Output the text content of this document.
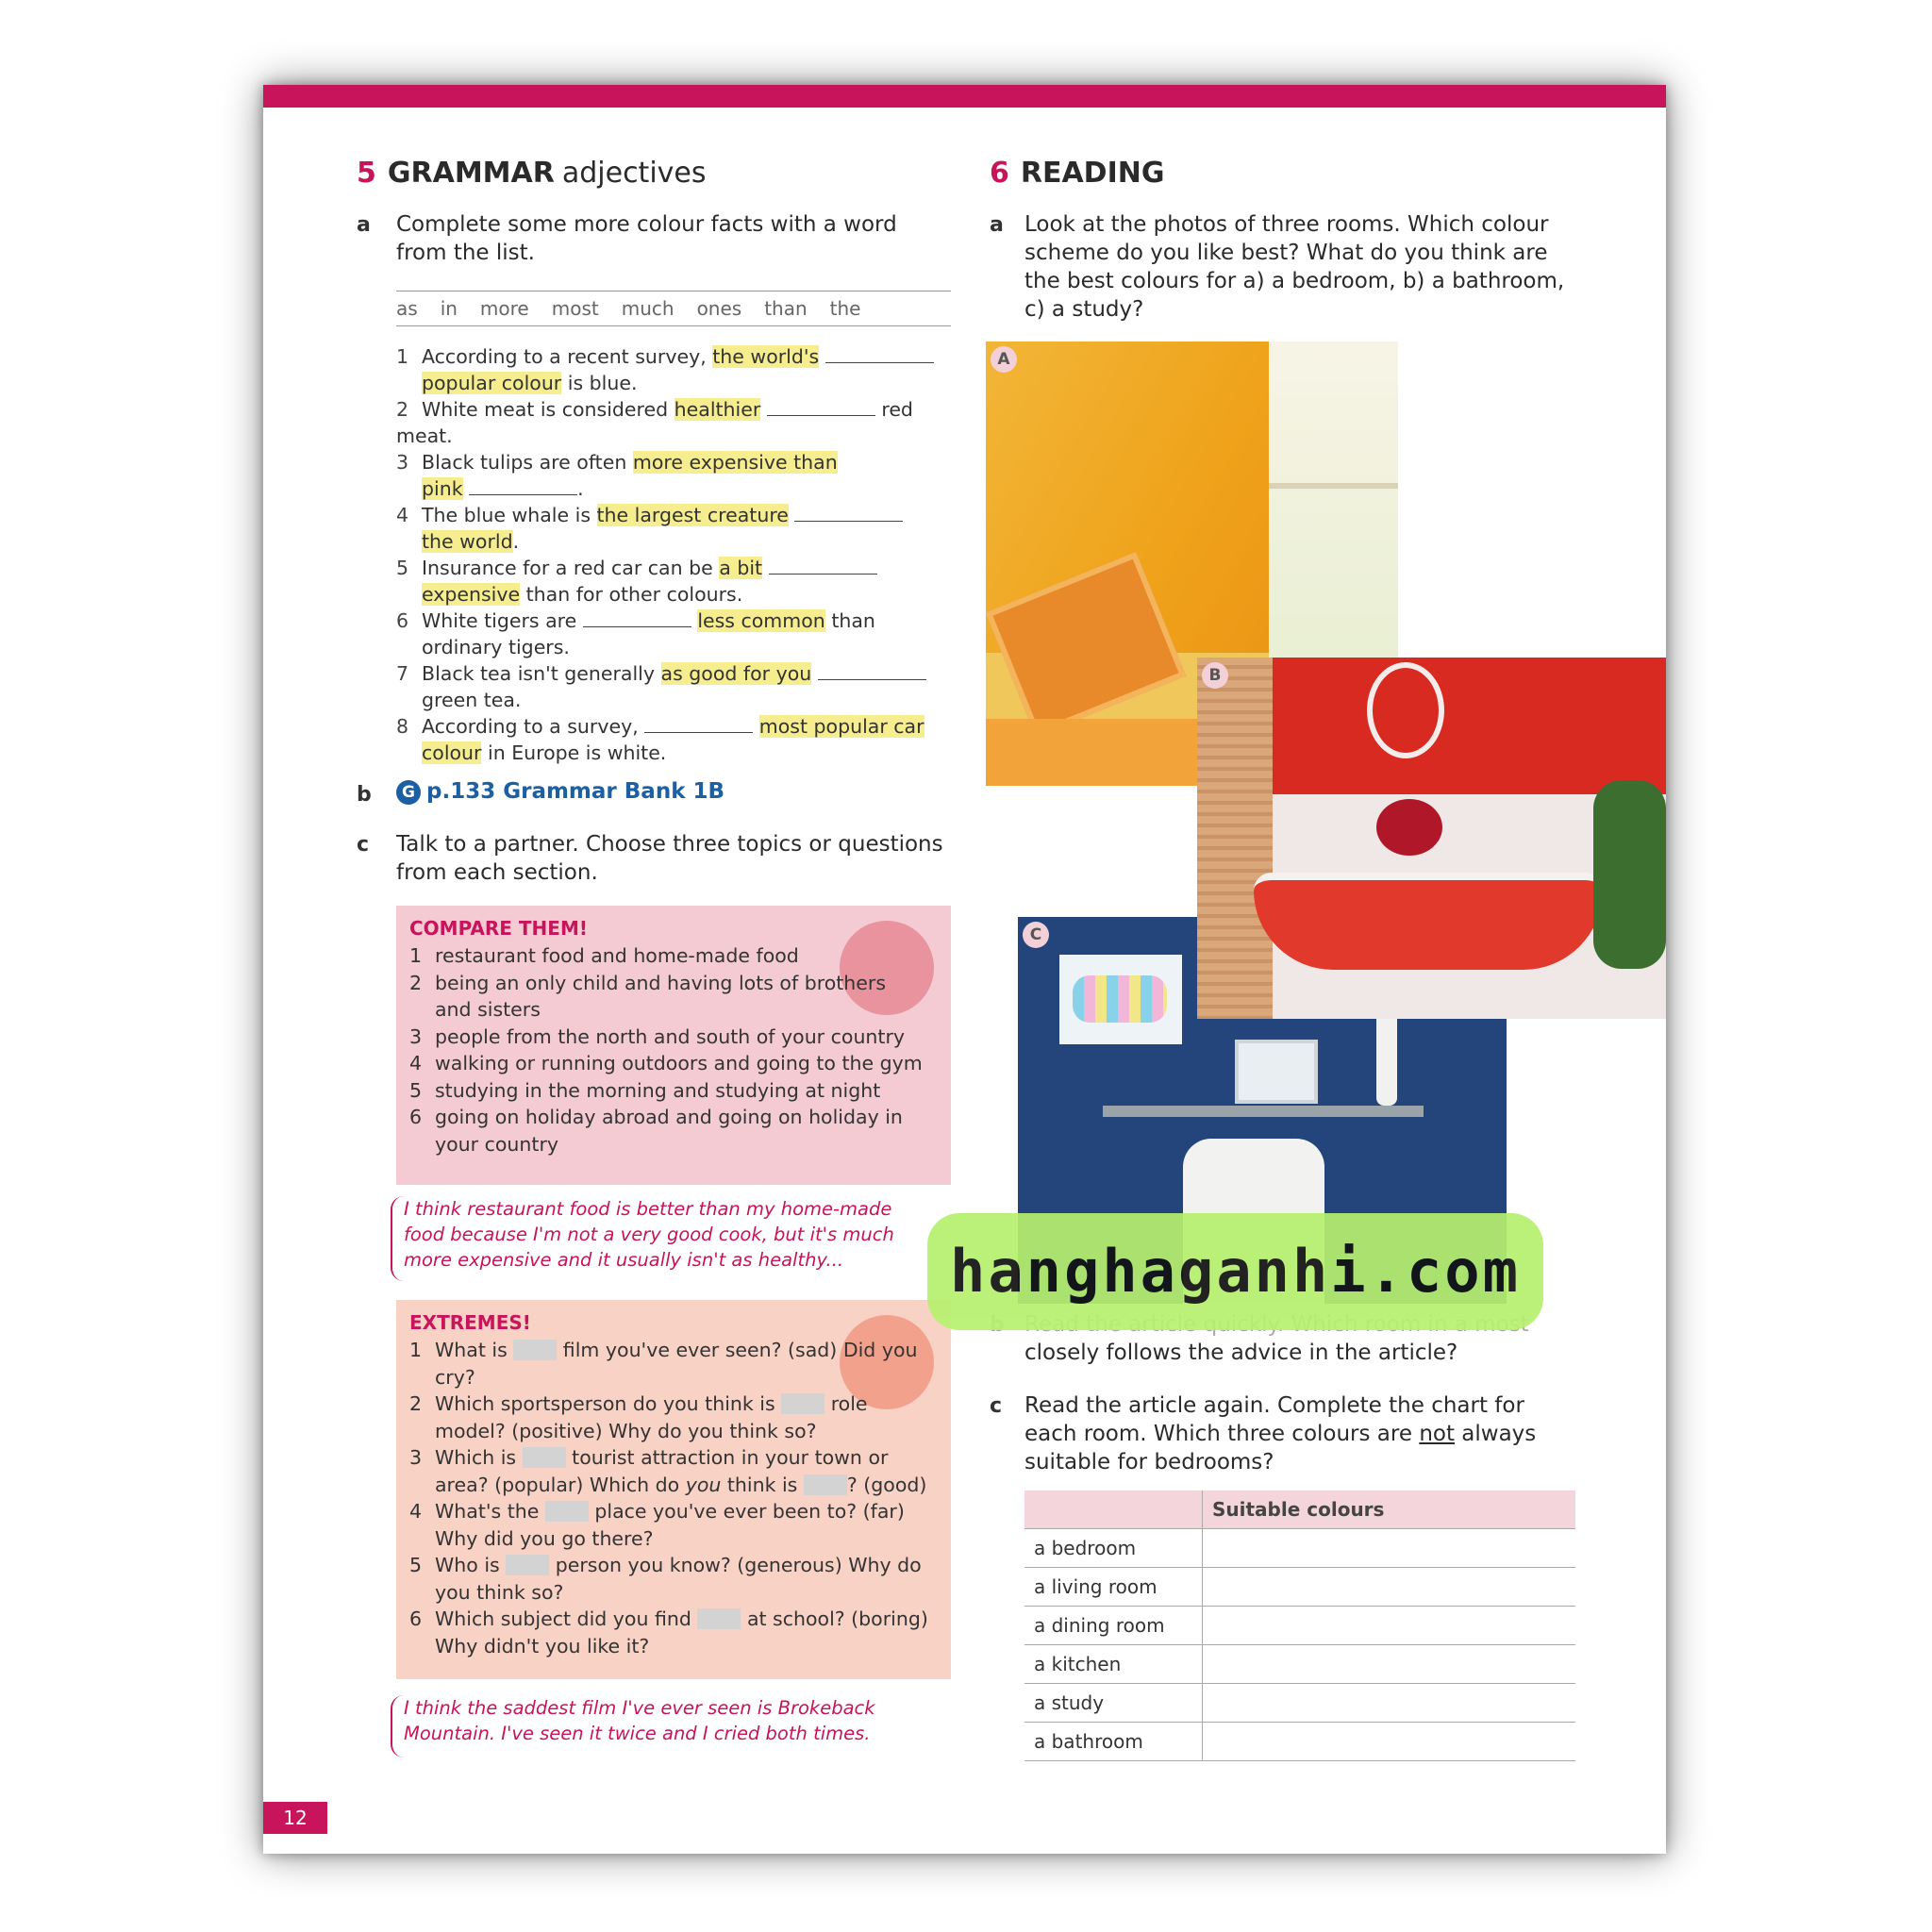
5 GRAMMAR adjectives
a Complete some more colour facts with a word from the list.
as in more most much ones than the
1 According to a recent survey, the world's
popular colour is blue.
2 White meat is considered healthier	red meat.
3 Black tulips are often more expensive than
pink	.
4 The blue whale is the largest creature
the world.
5 Insurance for a red car can be a bit
expensive than for other colours.
6 White tigers are	less common than
ordinary tigers.
7 Black tea isn't generally as good for you
green tea.
8 According to a survey,	most popular car
colour in Europe is white.
b	G p.133 Grammar Bank 1B
c Talk to a partner. Choose three topics or questions from each section.
COMPARE THEM!
1 restaurant food and home-made food
2 being an only child and having lots of brothers
and sisters
3 people from the north and south of your country
4 walking or running outdoors and going to the gym
5 studying in the morning and studying at night
6 going on holiday abroad and going on holiday in
your country
I think restaurant food is better than my home-made
food because I'm not a very good cook, but it's much
more expensive and it usually isn't as healthy...
EXTREMES!
1 What is  film you've ever seen? (sad) Did you
cry?
2 Which sportsperson do you think is  role
model? (positive) Why do you think so?
3 Which is  tourist attraction in your town or
area? (popular) Which do you think is ? (good)
4 What's the  place you've ever been to? (far)
Why did you go there?
5 Who is  person you know? (generous) Why do
you think so?
6 Which subject did you find  at school? (boring)
Why didn't you like it?
I think the saddest film I've ever seen is Brokeback
Mountain. I've seen it twice and I cried both times.
12
6 READING
a Look at the photos of three rooms. Which colour
scheme do you like best? What do you think are
the best colours for a) a bedroom, b) a bathroom,
c) a study?
A
C
B
closely follows the advice in the article?
c Read the article again. Complete the chart for
each room. Which three colours are not always
suitable for bedrooms?
	Suitable colours
a bedroom	
a living room	
a dining room	
a kitchen	
a study	
a bathroom	
hanghaganhi.com
